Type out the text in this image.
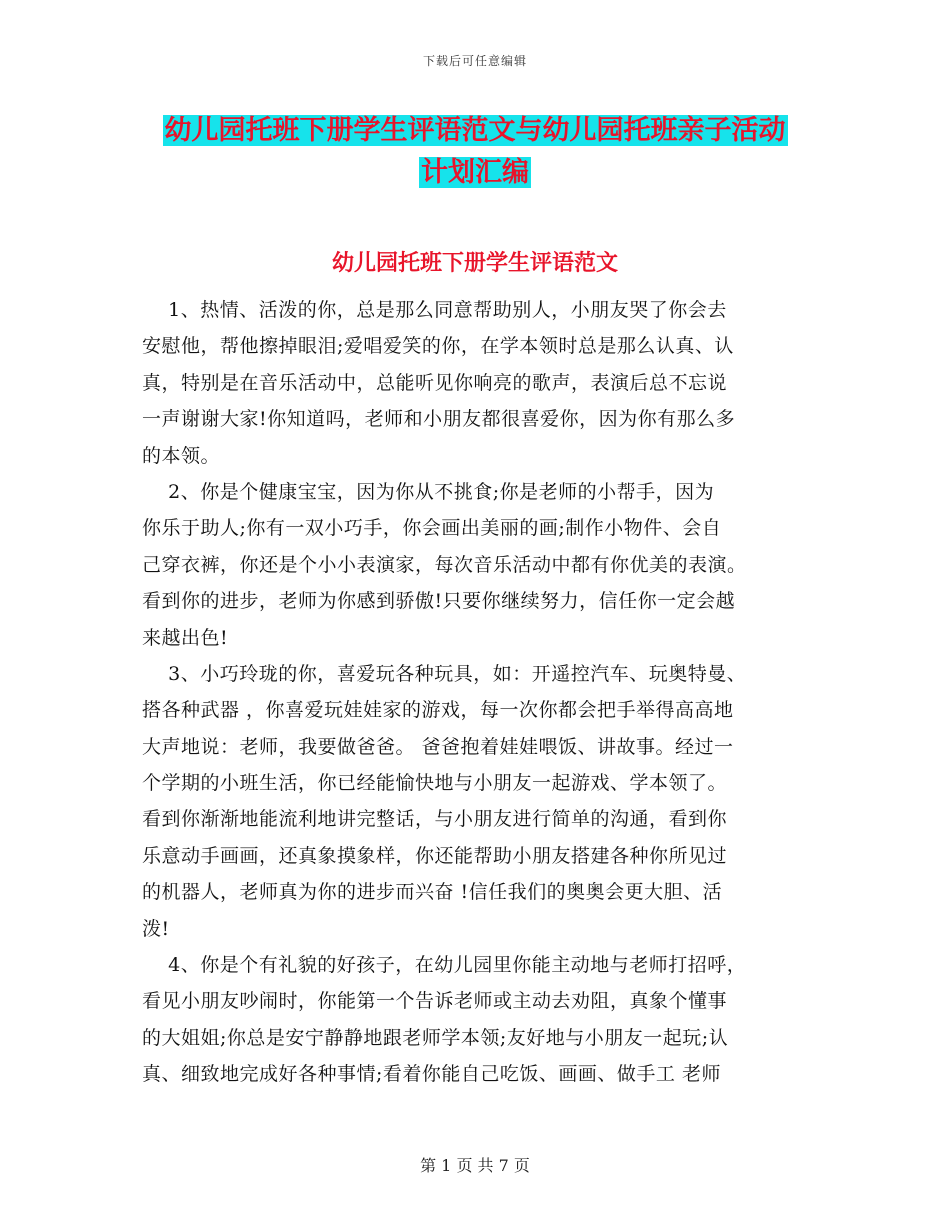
下载后可任意编辑
幼儿园托班下册学生评语范文与幼儿园托班亲子活动
计划汇编
幼儿园托班下册学生评语范文
1、热情、活泼的你，总是那么同意帮助别人，小朋友哭了你会去
安慰他，帮他擦掉眼泪;爱唱爱笑的你，在学本领时总是那么认真、认
真，特别是在音乐活动中，总能听见你响亮的歌声，表演后总不忘说
一声谢谢大家!你知道吗，老师和小朋友都很喜爱你，因为你有那么多
的本领。
2、你是个健康宝宝，因为你从不挑食;你是老师的小帮手，因为
你乐于助人;你有一双小巧手，你会画出美丽的画;制作小物件、会自
己穿衣裤，你还是个小小表演家，每次音乐活动中都有你优美的表演。
看到你的进步，老师为你感到骄傲!只要你继续努力，信任你一定会越
来越出色!
3、小巧玲珑的你，喜爱玩各种玩具，如：开遥控汽车、玩奥特曼、
搭各种武器 ，你喜爱玩娃娃家的游戏，每一次你都会把手举得高高地
大声地说：老师，我要做爸爸。 爸爸抱着娃娃喂饭、讲故事。经过一
个学期的小班生活，你已经能愉快地与小朋友一起游戏、学本领了。
看到你渐渐地能流利地讲完整话，与小朋友进行简单的沟通，看到你
乐意动手画画，还真象摸象样，你还能帮助小朋友搭建各种你所见过
的机器人，老师真为你的进步而兴奋 !信任我们的奥奥会更大胆、活
泼!
4、你是个有礼貌的好孩子，在幼儿园里你能主动地与老师打招呼，
看见小朋友吵闹时，你能第一个告诉老师或主动去劝阻，真象个懂事
的大姐姐;你总是安宁静静地跟老师学本领;友好地与小朋友一起玩;认
真、细致地完成好各种事情;看着你能自己吃饭、画画、做手工 老师
第 1 页 共 7 页
